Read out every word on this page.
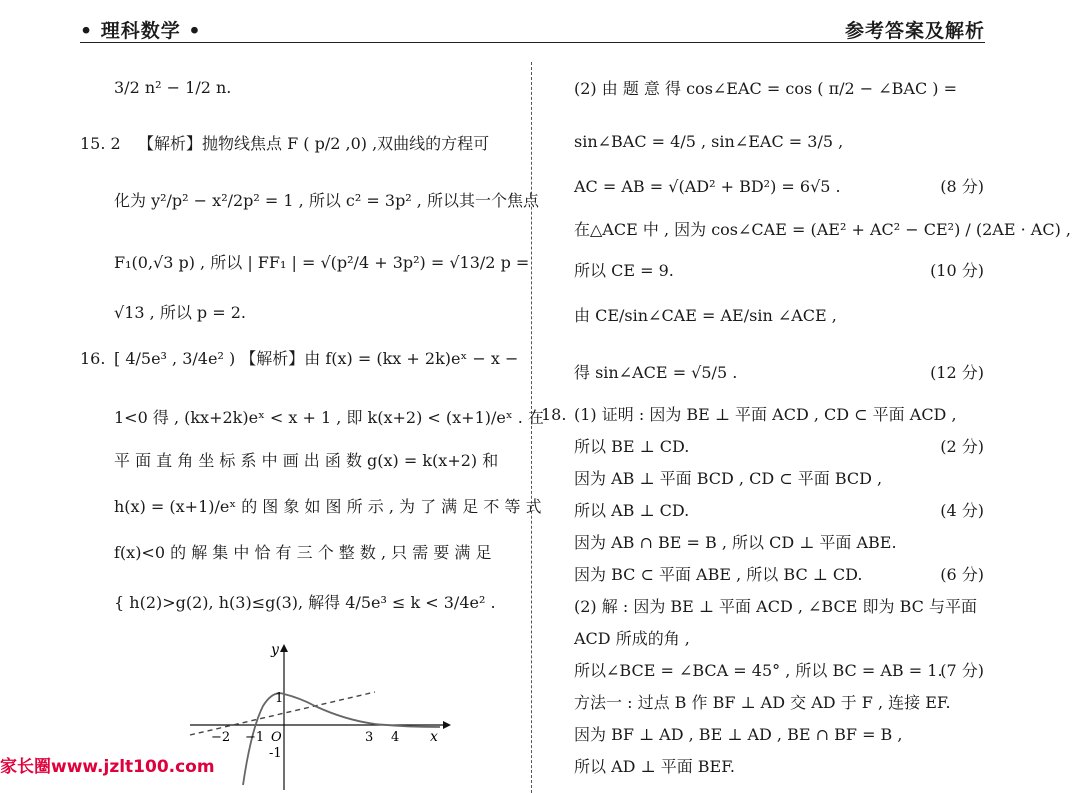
• 理科数学 •	参考答案及解析
3/2 n² − 1/2 n.
15. 2 【解析】抛物线焦点 F ( p/2 ,0) ,双曲线的方程可
化为 y²/p² − x²/2p² = 1 , 所以 c² = 3p² , 所以其一个焦点
F₁(0,√3 p) , 所以 | FF₁ | = √(p²/4 + 3p²) = √13/2 p =
√13 , 所以 p = 2.
16. [ 4/5e³ , 3/4e² ) 【解析】由 f(x) = (kx + 2k)eˣ − x −
1<0 得 , (kx+2k)eˣ < x + 1 , 即 k(x+2) < (x+1)/eˣ . 在
平 面 直 角 坐 标 系 中 画 出 函 数 g(x) = k(x+2) 和
h(x) = (x+1)/eˣ 的 图 象 如 图 所 示 , 为 了 满 足 不 等 式
f(x)<0 的 解 集 中 恰 有 三 个 整 数 , 只 需 要 满 足
{ h(2)>g(2), h(3)≤g(3), 解得 4/5e³ ≤ k < 3/4e² .
y
x
1
-1
−2 −1 O	3 4
(2) 由 题 意 得 cos∠EAC = cos ( π/2 − ∠BAC ) =
sin∠BAC = 4/5 , sin∠EAC = 3/5 ,
AC = AB = √(AD² + BD²) = 6√5 .	(8 分)
在△ACE 中 , 因为 cos∠CAE = (AE² + AC² − CE²) / (2AE · AC) ,
所以 CE = 9.	(10 分)
由 CE/sin∠CAE = AE/sin ∠ACE ,
得 sin∠ACE = √5/5 .	(12 分)
18. (1) 证明 : 因为 BE ⊥ 平面 ACD , CD ⊂ 平面 ACD ,
所以 BE ⊥ CD.	(2 分)
因为 AB ⊥ 平面 BCD , CD ⊂ 平面 BCD ,
所以 AB ⊥ CD.	(4 分)
因为 AB ∩ BE = B , 所以 CD ⊥ 平面 ABE.
因为 BC ⊂ 平面 ABE , 所以 BC ⊥ CD.	(6 分)
(2) 解 : 因为 BE ⊥ 平面 ACD , ∠BCE 即为 BC 与平面
ACD 所成的角 ,
所以∠BCE = ∠BCA = 45° , 所以 BC = AB = 1.
(7 分)
方法一 : 过点 B 作 BF ⊥ AD 交 AD 于 F , 连接 EF.
因为 BF ⊥ AD , BE ⊥ AD , BE ∩ BF = B ,
所以 AD ⊥ 平面 BEF.
家长圈www.jzlt100.com
